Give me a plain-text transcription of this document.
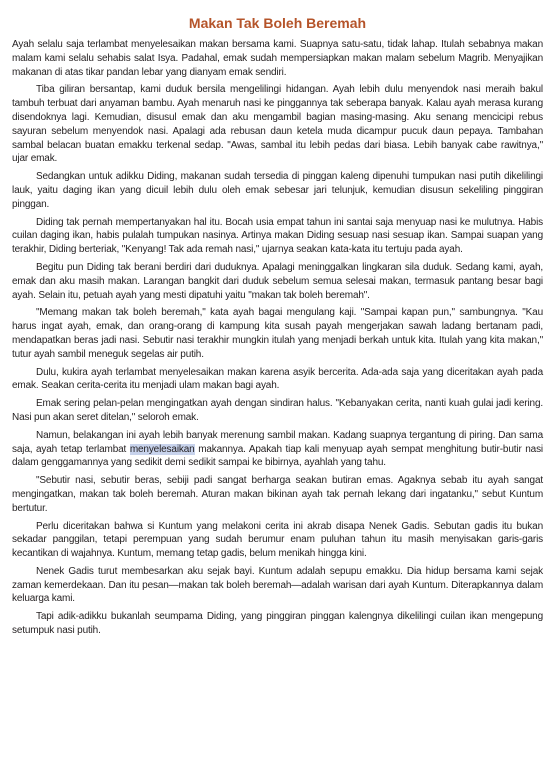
Makan Tak Boleh Beremah

Ayah selalu saja terlambat menyelesaikan makan bersama kami. Suapnya satu-satu, tidak lahap. Itulah sebabnya makan malam kami selalu sehabis salat Isya. Padahal, emak sudah mempersiapkan makan malam sebelum Magrib. Menyajikan makanan di atas tikar pandan lebar yang dianyam emak sendiri.

Tiba giliran bersantap, kami duduk bersila mengelilingi hidangan. Ayah lebih dulu menyendok nasi meraih bakul tambuh terbuat dari anyaman bambu. Ayah menaruh nasi ke pinggannya tak seberapa banyak. Kalau ayah merasa kurang disendoknya lagi. Kemudian, disusul emak dan aku mengambil bagian masing-masing. Aku senang mencicipi rebus sayuran sebelum menyendok nasi. Apalagi ada rebusan daun ketela muda dicampur pucuk daun pepaya. Tambahan sambal belacan buatan emakku terkenal sedap. "Awas, sambal itu lebih pedas dari biasa. Lebih banyak cabe rawitnya," ujar emak.

Sedangkan untuk adikku Diding, makanan sudah tersedia di pinggan kaleng dipenuhi tumpukan nasi putih dikelilingi lauk, yaitu daging ikan yang dicuil lebih dulu oleh emak sebesar jari telunjuk, kemudian disusun sekeliling pinggiran pinggan.

Diding tak pernah mempertanyakan hal itu. Bocah usia empat tahun ini santai saja menyuap nasi ke mulutnya. Habis cuilan daging ikan, habis pulalah tumpukan nasinya. Artinya makan Diding sesuap nasi sesuap ikan. Sampai suapan yang terakhir, Diding berteriak, "Kenyang! Tak ada remah nasi," ujarnya seakan kata-kata itu tertuju pada ayah.

Begitu pun Diding tak berani berdiri dari duduknya. Apalagi meninggalkan lingkaran sila duduk. Sedang kami, ayah, emak dan aku masih makan. Larangan bangkit dari duduk sebelum semua selesai makan, termasuk pantang besar bagi ayah. Selain itu, petuah ayah yang mesti dipatuhi yaitu "makan tak boleh beremah".

"Memang makan tak boleh beremah," kata ayah bagai mengulang kaji. "Sampai kapan pun," sambungnya. "Kau harus ingat ayah, emak, dan orang-orang di kampung kita susah payah mengerjakan sawah ladang bertanam padi, mendapatkan beras jadi nasi. Sebutir nasi terakhir mungkin itulah yang menjadi berkah untuk kita. Itulah yang kita makan," tutur ayah sambil meneguk segelas air putih.

Dulu, kukira ayah terlambat menyelesaikan makan karena asyik bercerita. Ada-ada saja yang diceritakan ayah pada emak. Seakan cerita-cerita itu menjadi ulam makan bagi ayah.

Emak sering pelan-pelan mengingatkan ayah dengan sindiran halus. "Kebanyakan cerita, nanti kuah gulai jadi kering. Nasi pun akan seret ditelan," seloroh emak.

Namun, belakangan ini ayah lebih banyak merenung sambil makan. Kadang suapnya tergantung di piring. Dan sama saja, ayah tetap terlambat menyelesaikan makannya. Apakah tiap kali menyuap ayah sempat menghitung butir-butir nasi dalam genggamannya yang sedikit demi sedikit sampai ke bibirnya, ayahlah yang tahu.

"Sebutir nasi, sebutir beras, sebiji padi sangat berharga seakan butiran emas. Agaknya sebab itu ayah sangat mengingatkan, makan tak boleh beremah. Aturan makan bikinan ayah tak pernah lekang dari ingatanku," sebut Kuntum bertutur.

Perlu diceritakan bahwa si Kuntum yang melakoni cerita ini akrab disapa Nenek Gadis. Sebutan gadis itu bukan sekadar panggilan, tetapi perempuan yang sudah berumur enam puluhan tahun itu masih menyisakan garis-garis kecantikan di wajahnya. Kuntum, memang tetap gadis, belum menikah hingga kini.

Nenek Gadis turut membesarkan aku sejak bayi. Kuntum adalah sepupu emakku. Dia hidup bersama kami sejak zaman kemerdekaan. Dan itu pesan—makan tak boleh beremah—adalah warisan dari ayah Kuntum. Diterapkannya dalam keluarga kami.

Tapi adik-adikku bukanlah seumpama Diding, yang pinggiran pinggan kalengnya dikelilingi cuilan ikan mengepung setumpuk nasi putih.
